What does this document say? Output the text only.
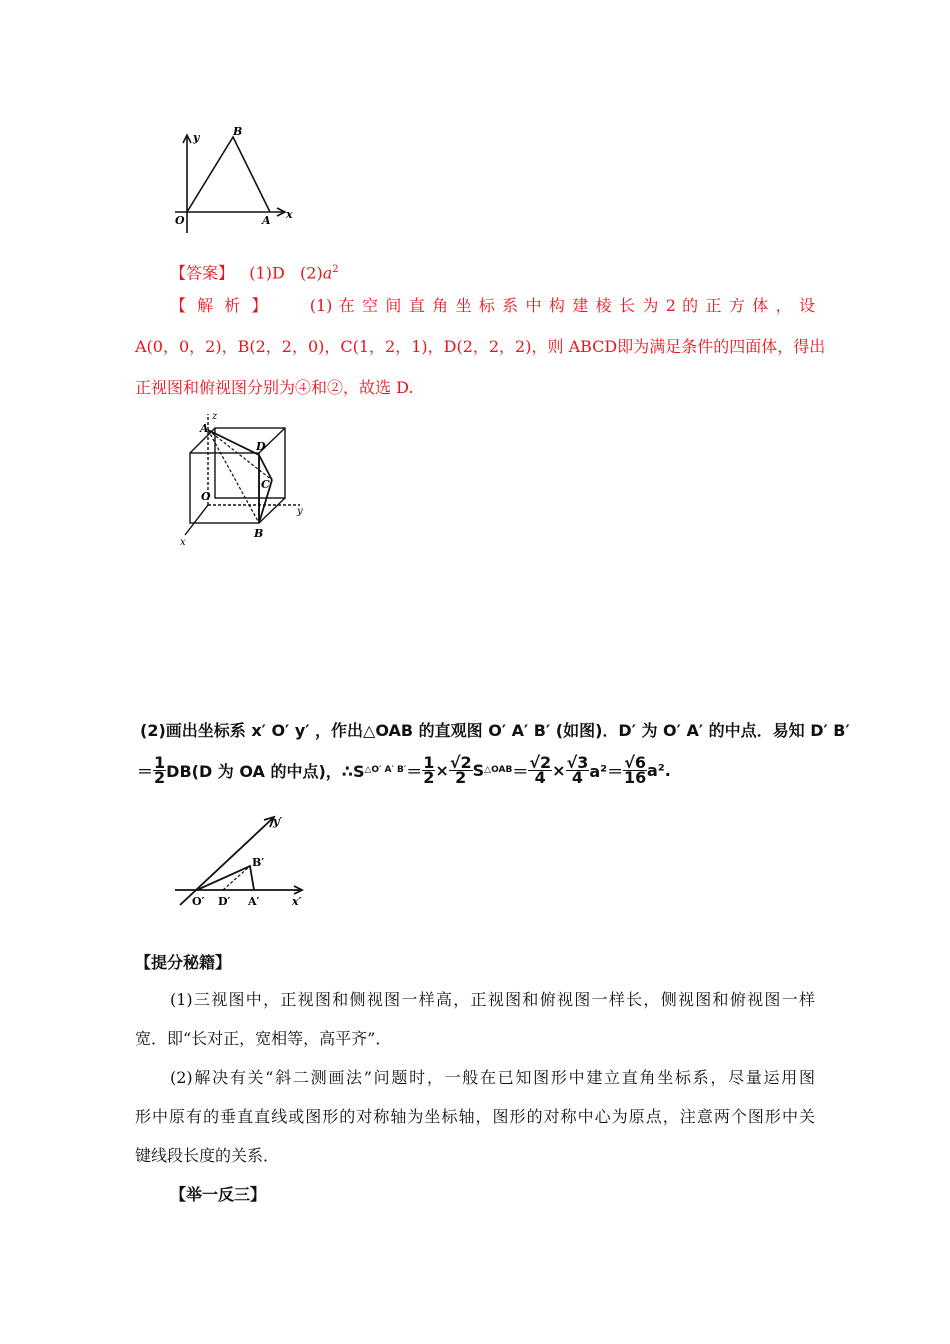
y	B
O	A x
【答案】 (1)D $(2)a^2$
【解析】 (1) 在 空 间 直 角 坐 标 系 中 构 建 棱 长 为 2 的 正 方 体 ， 设
A(0，0，2)，B(2，2，0)，C(1，2，1)，D(2，2，2)，则 ABCD即为满足条件的四面体，得出
正视图和俯视图分别为④和②，故选 D.
z
A
D
C
O
y
x
B
(2)画出坐标系 x′ O′ y′ ，作出△OAB 的直观图 O′ A′ B′ (如图)．D′ 为 O′ A′ 的中点．易知 D′ B′
＝ $\frac{1}{2} DB(D$ 为 OA 的中点)，∴S △O′ A′ $B' = \frac{1}{2} \times \frac{√2}{2}$ S △OAB ＝ $\frac{√2}{4} \times \frac{√3}{4} a^2= \frac{√6}{16} a^2$.
y′
B′
O′ D′ A′	x′
【提分秘籍】
(1)三视图中，正视图和侧视图一样高，正视图和俯视图一样长，侧视图和俯视图一样
宽．即“长对正，宽相等，高平齐”．
(2)解决有关“斜二测画法”问题时，一般在已知图形中建立直角坐标系，尽量运用图
形中原有的垂直直线或图形的对称轴为坐标轴，图形的对称中心为原点，注意两个图形中关
键线段长度的关系．
【举一反三】
